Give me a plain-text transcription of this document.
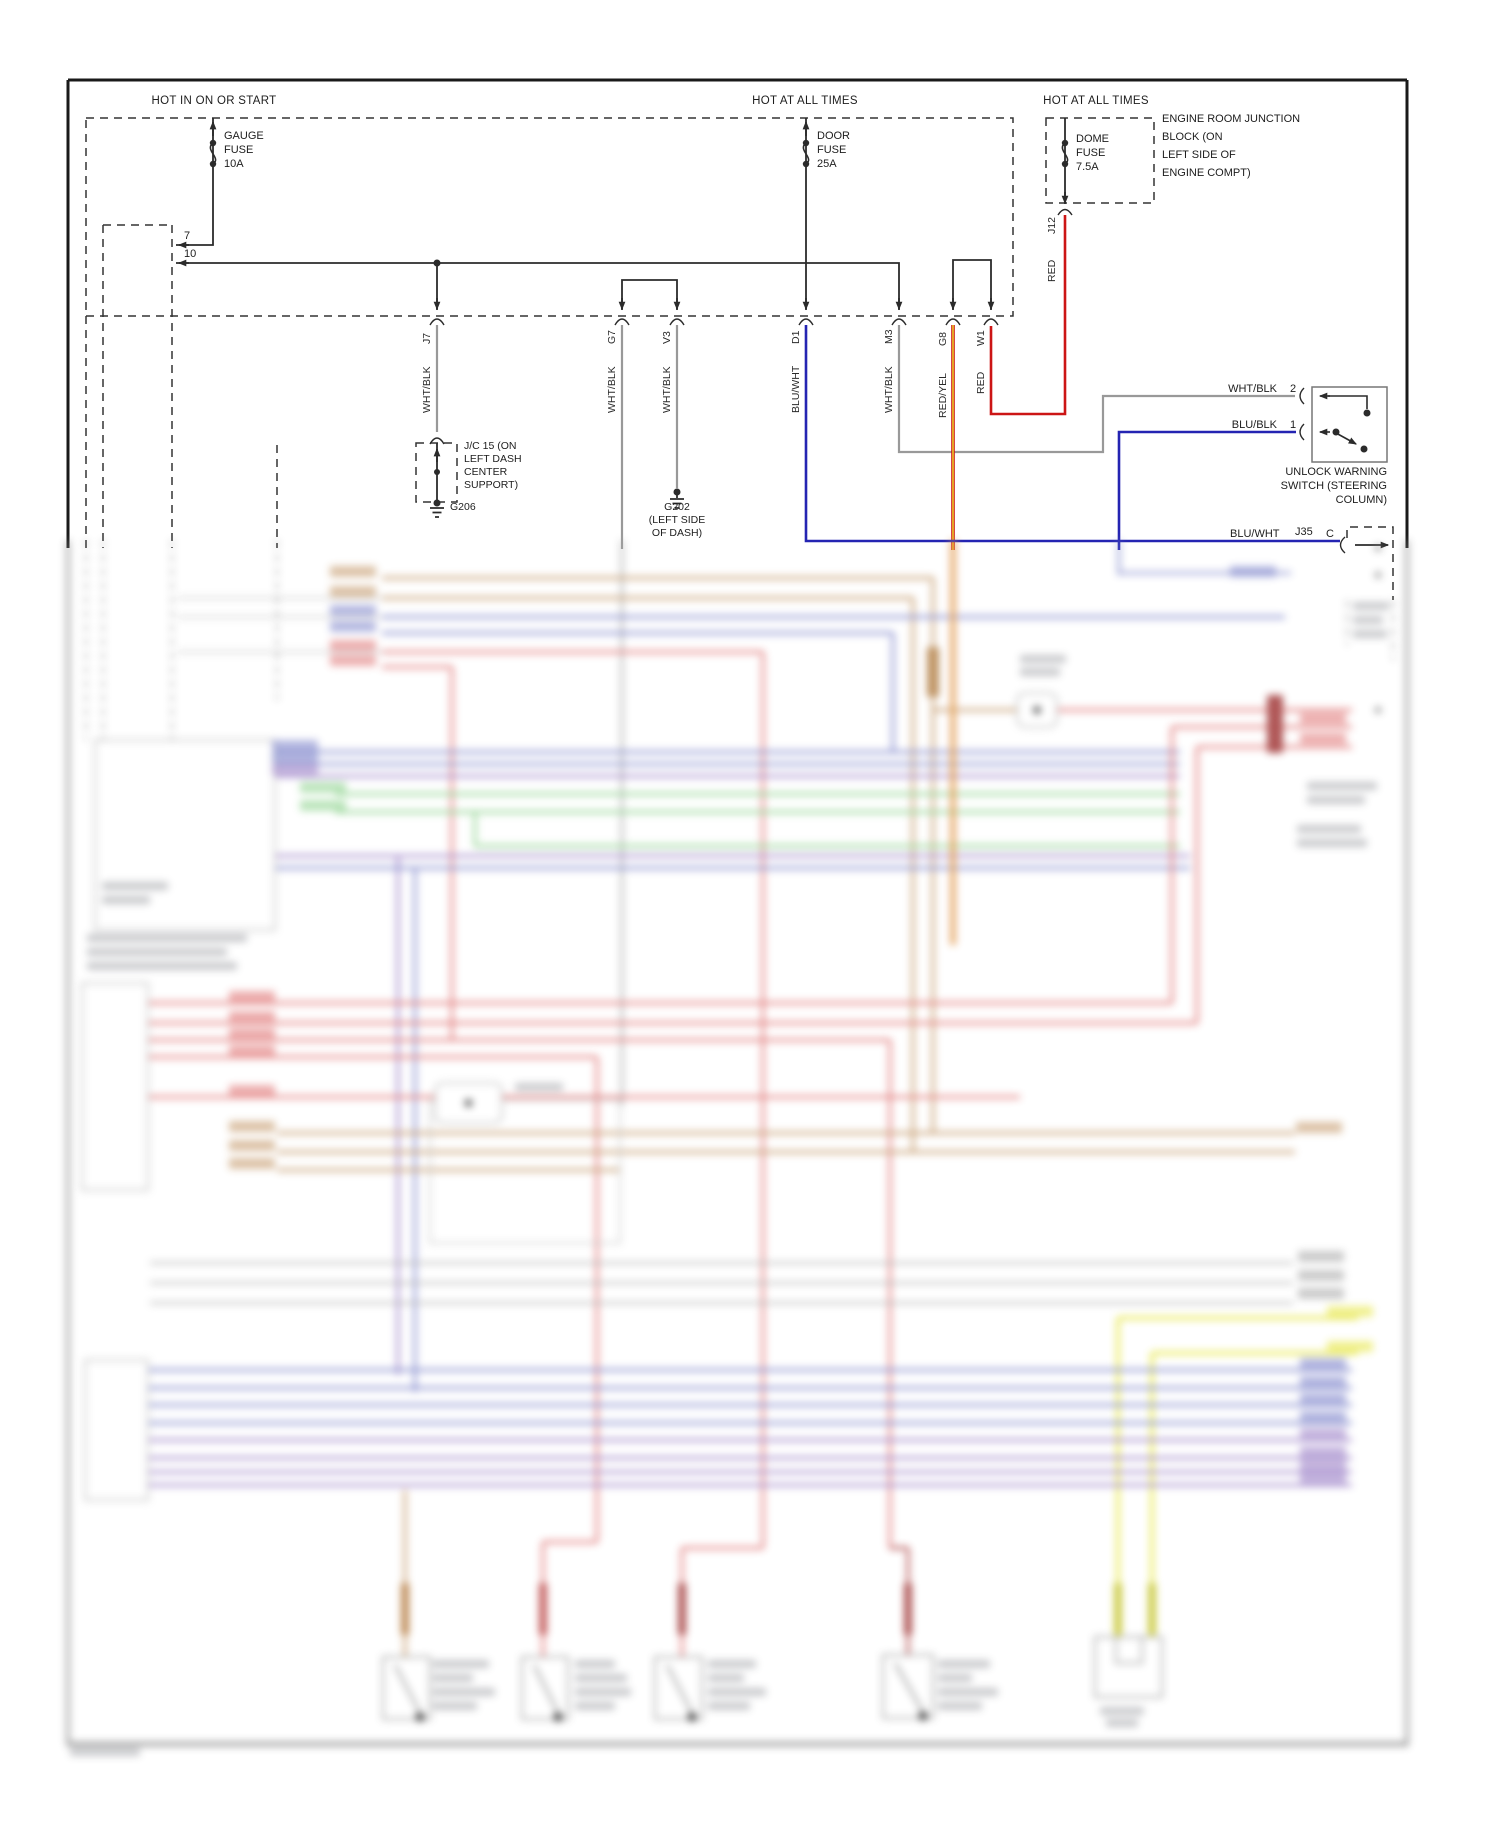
HOT IN ON OR START	HOT AT ALL TIMES	HOT AT ALL TIMES
GAUGE
FUSE
10A
DOOR
FUSE
25A
DOME
FUSE
7.5A
ENGINE ROOM JUNCTION
BLOCK (ON
LEFT SIDE OF
ENGINE COMPT)
7
10
J7
WHT/BLK
G7
WHT/BLK
V3
WHT/BLK
D1
BLU/WHT
M3
WHT/BLK
G8
RED/YEL
W1
RED
J12
RED
J/C 15 (ON
LEFT DASH
CENTER
SUPPORT)
G206	G202
(LEFT SIDE
OF DASH)
WHT/BLK 2
BLU/BLK 1
UNLOCK WARNING
SWITCH (STEERING
COLUMN)
BLU/WHT J35 C
